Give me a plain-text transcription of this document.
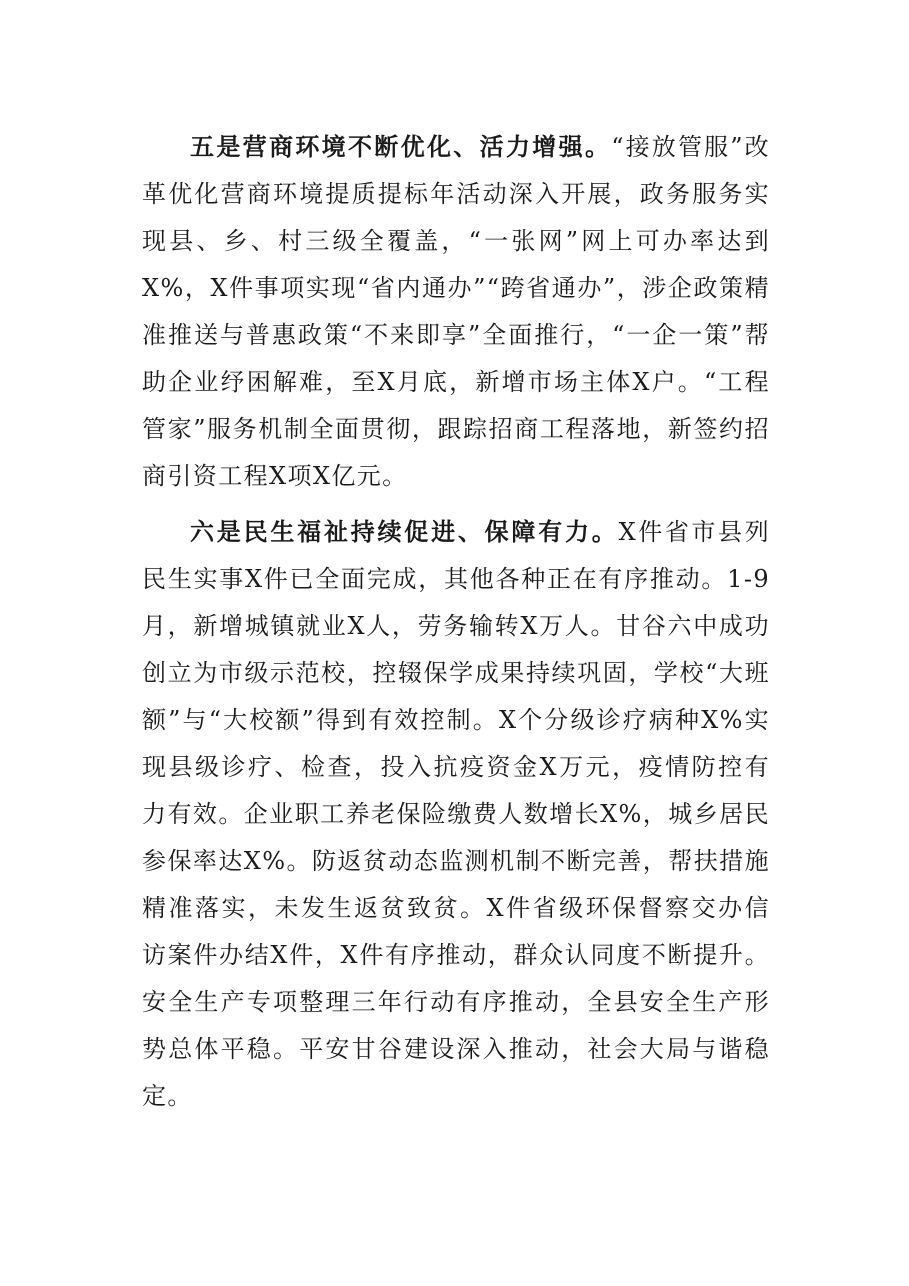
五是营商环境不断优化、活力增强。“接放管服”改革优化营商环境提质提标年活动深入开展，政务服务实现县、乡、村三级全覆盖，“一张网”网上可办率达到X%，X件事项实现“省内通办”“跨省通办”，涉企政策精准推送与普惠政策“不来即享”全面推行，“一企一策”帮助企业纾困解难，至X月底，新增市场主体X户。“工程管家”服务机制全面贯彻，跟踪招商工程落地，新签约招商引资工程X项X亿元。

六是民生福祉持续促进、保障有力。X件省市县列民生实事X件已全面完成，其他各种正在有序推动。1-9月，新增城镇就业X人，劳务输转X万人。甘谷六中成功创立为市级示范校，控辍保学成果持续巩固，学校“大班额”与“大校额”得到有效控制。X个分级诊疗病种X%实现县级诊疗、检查，投入抗疫资金X万元，疫情防控有力有效。企业职工养老保险缴费人数增长X%，城乡居民参保率达X%。防返贫动态监测机制不断完善，帮扶措施精准落实，未发生返贫致贫。X件省级环保督察交办信访案件办结X件，X件有序推动，群众认同度不断提升。安全生产专项整理三年行动有序推动，全县安全生产形势总体平稳。平安甘谷建设深入推动，社会大局与谐稳定。
